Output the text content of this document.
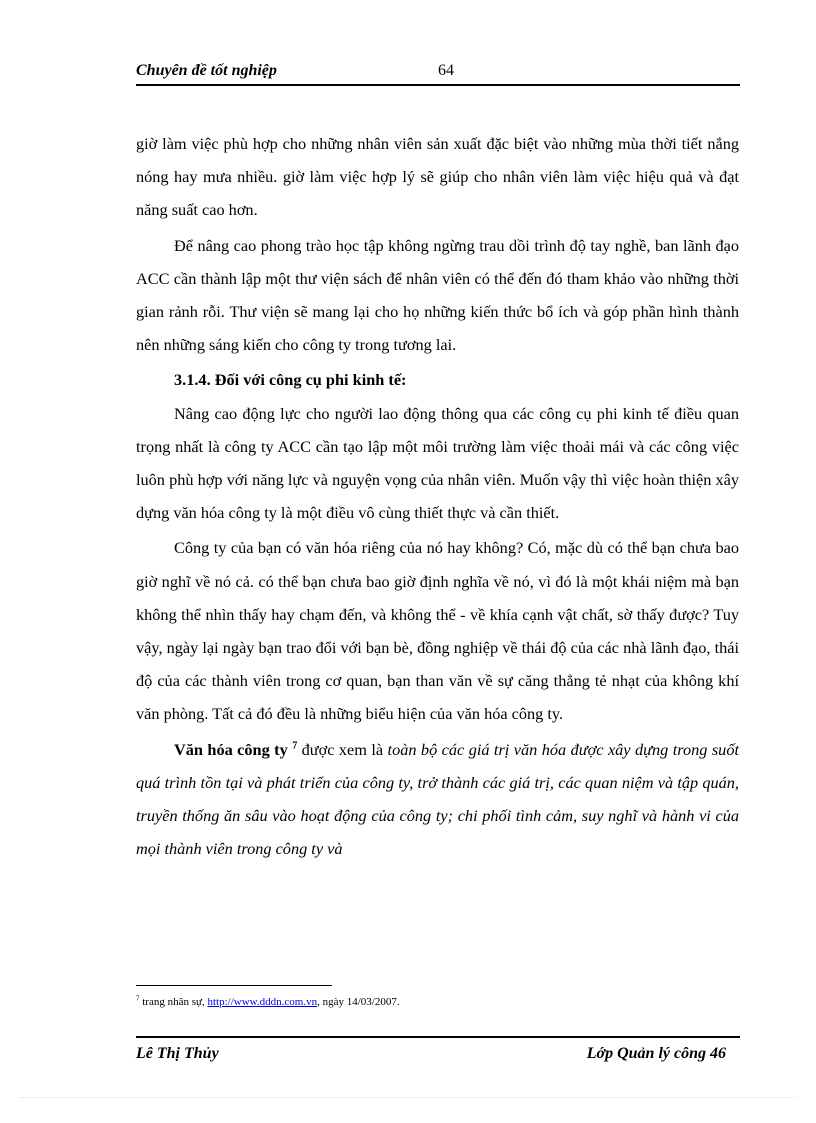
Chuyên đề tốt nghiệp	64

giờ làm việc phù hợp cho những nhân viên sản xuất đặc biệt vào những mùa thời tiết nắng nóng hay mưa nhiều. giờ làm việc hợp lý sẽ giúp cho nhân viên làm việc hiệu quả và đạt năng suất cao hơn.

Để nâng cao phong trào học tập không ngừng trau dồi trình độ tay nghề, ban lãnh đạo ACC cần thành lập một thư viện sách để nhân viên có thể đến đó tham khảo vào những thời gian rảnh rỗi. Thư viện sẽ mang lại cho họ những kiến thức bổ ích và góp phần hình thành nên những sáng kiến cho công ty trong tương lai.

3.1.4. Đối với công cụ phi kinh tế:

Nâng cao động lực cho người lao động thông qua các công cụ phi kinh tế điều quan trọng nhất là công ty ACC cần tạo lập một môi trường làm việc thoải mái và các công việc luôn phù hợp với năng lực và nguyện vọng của nhân viên. Muốn vậy thì việc hoàn thiện xây dựng văn hóa công ty là một điều vô cùng thiết thực và cần thiết.

Công ty của bạn có văn hóa riêng của nó hay không? Có, mặc dù có thể bạn chưa bao giờ nghĩ về nó cả. có thể bạn chưa bao giờ định nghĩa về nó, vì đó là một khái niệm mà bạn không thể nhìn thấy hay chạm đến, và không thể - về khía cạnh vật chất, sờ thấy được? Tuy vậy, ngày lại ngày bạn trao đổi với bạn bè, đồng nghiệp về thái độ của các nhà lãnh đạo, thái độ của các thành viên trong cơ quan, bạn than văn về sự căng thẳng tẻ nhạt của không khí văn phòng. Tất cả đó đều là những biểu hiện của văn hóa công ty.

Văn hóa công ty $^7$ được xem là toàn bộ các giá trị văn hóa được xây dựng trong suốt quá trình tồn tại và phát triển của công ty, trở thành các giá trị, các quan niệm và tập quán, truyền thống ăn sâu vào hoạt động của công ty; chi phối tình cảm, suy nghĩ và hành vi của mọi thành viên trong công ty và

$^7$ trang nhân sự, http://www.dddn.com.vn, ngày 14/03/2007.
Lê Thị Thủy	Lớp Quản lý công 46
